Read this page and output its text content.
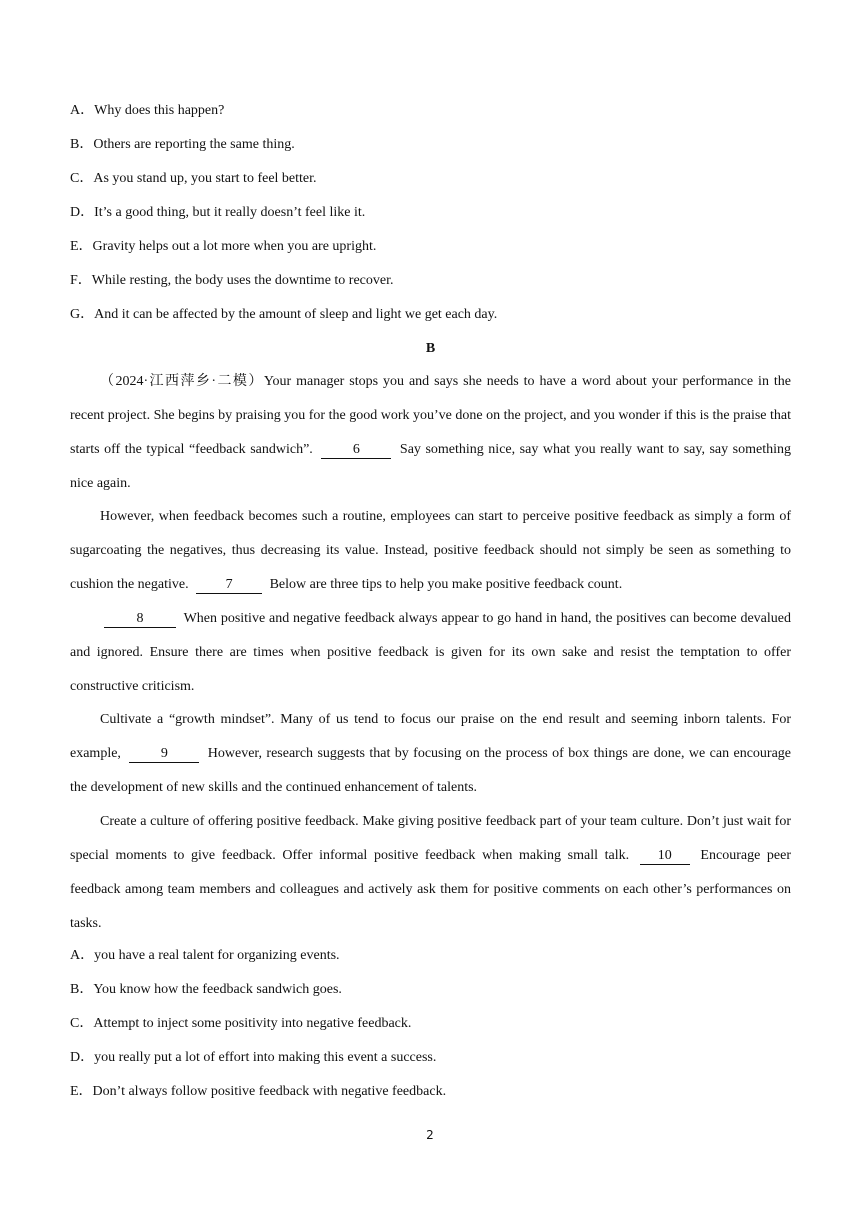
A．Why does this happen?
B．Others are reporting the same thing.
C．As you stand up, you start to feel better.
D．It’s a good thing, but it really doesn’t feel like it.
E．Gravity helps out a lot more when you are upright.
F．While resting, the body uses the downtime to recover.
G．And it can be affected by the amount of sleep and light we get each day.
B

（2024·江西萍乡·二模）Your manager stops you and says she needs to have a word about your performance in the recent project. She begins by praising you for the good work you’ve done on the project, and you wonder if this is the praise that starts off the typical “feedback sandwich”.	6	Say something nice, say what you really want to say, say something nice again.

However, when feedback becomes such a routine, employees can start to perceive positive feedback as simply a form of sugarcoating the negatives, thus decreasing its value. Instead, positive feedback should not simply be seen as something to cushion the negative.	7	Below are three tips to help you make positive feedback count.

8	When positive and negative feedback always appear to go hand in hand, the positives can become devalued and ignored. Ensure there are times when positive feedback is given for its own sake and resist the temptation to offer constructive criticism.

Cultivate a “growth mindset”. Many of us tend to focus our praise on the end result and seeming inborn talents. For example,	9	However, research suggests that by focusing on the process of box things are done, we can encourage the development of new skills and the continued enhancement of talents.

Create a culture of offering positive feedback. Make giving positive feedback part of your team culture. Don’t just wait for special moments to give feedback. Offer informal positive feedback when making small talk. 10 Encourage peer feedback among team members and colleagues and actively ask them for positive comments on each other’s performances on tasks.

A．you have a real talent for organizing events.
B．You know how the feedback sandwich goes.
C．Attempt to inject some positivity into negative feedback.
D．you really put a lot of effort into making this event a success.
E．Don’t always follow positive feedback with negative feedback.
2
